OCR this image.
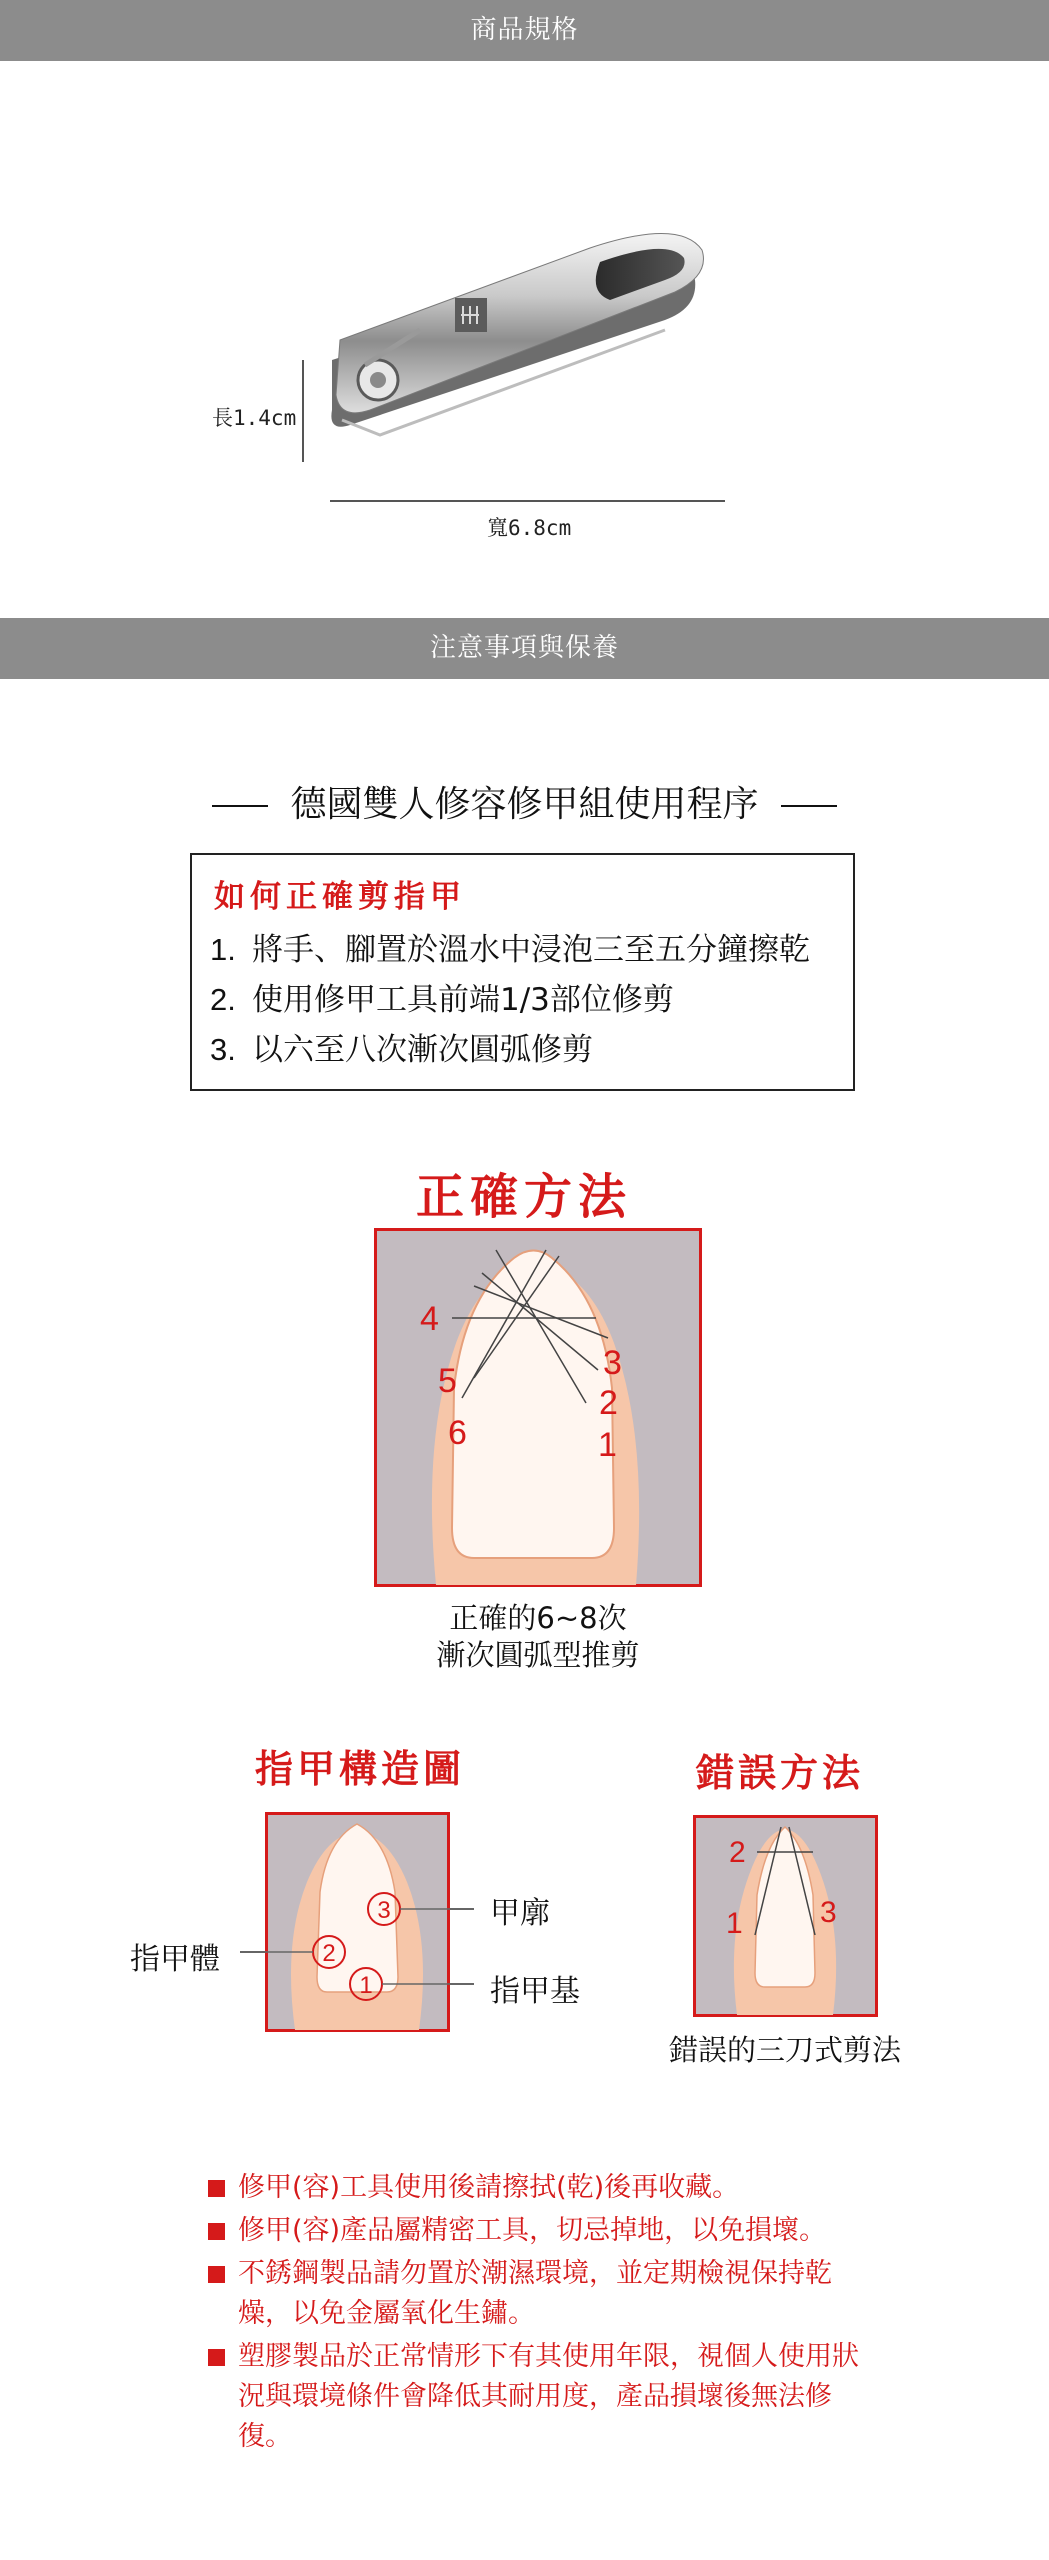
商品規格
長1.4cm
寬6.8cm
注意事項與保養
德國雙人修容修甲組使用程序
如何正確剪指甲
1. 將手、腳置於溫水中浸泡三至五分鐘擦乾
2. 使用修甲工具前端1/3部位修剪
3. 以六至八次漸次圓弧修剪
正確方法
1
2
3
4
5
6
正確的6~8次
漸次圓弧型推剪
指甲構造圖
1
2
3	甲廓
指甲基
指甲體
錯誤方法
1
2
3
錯誤的三刀式剪法
修甲(容)工具使用後請擦拭(乾)後再收藏。
修甲(容)產品屬精密工具，切忌掉地，以免損壞。
不銹鋼製品請勿置於潮濕環境，並定期檢視保持乾燥，以免金屬氧化生鏽。
塑膠製品於正常情形下有其使用年限，視個人使用狀況與環境條件會降低其耐用度，產品損壞後無法修復。
